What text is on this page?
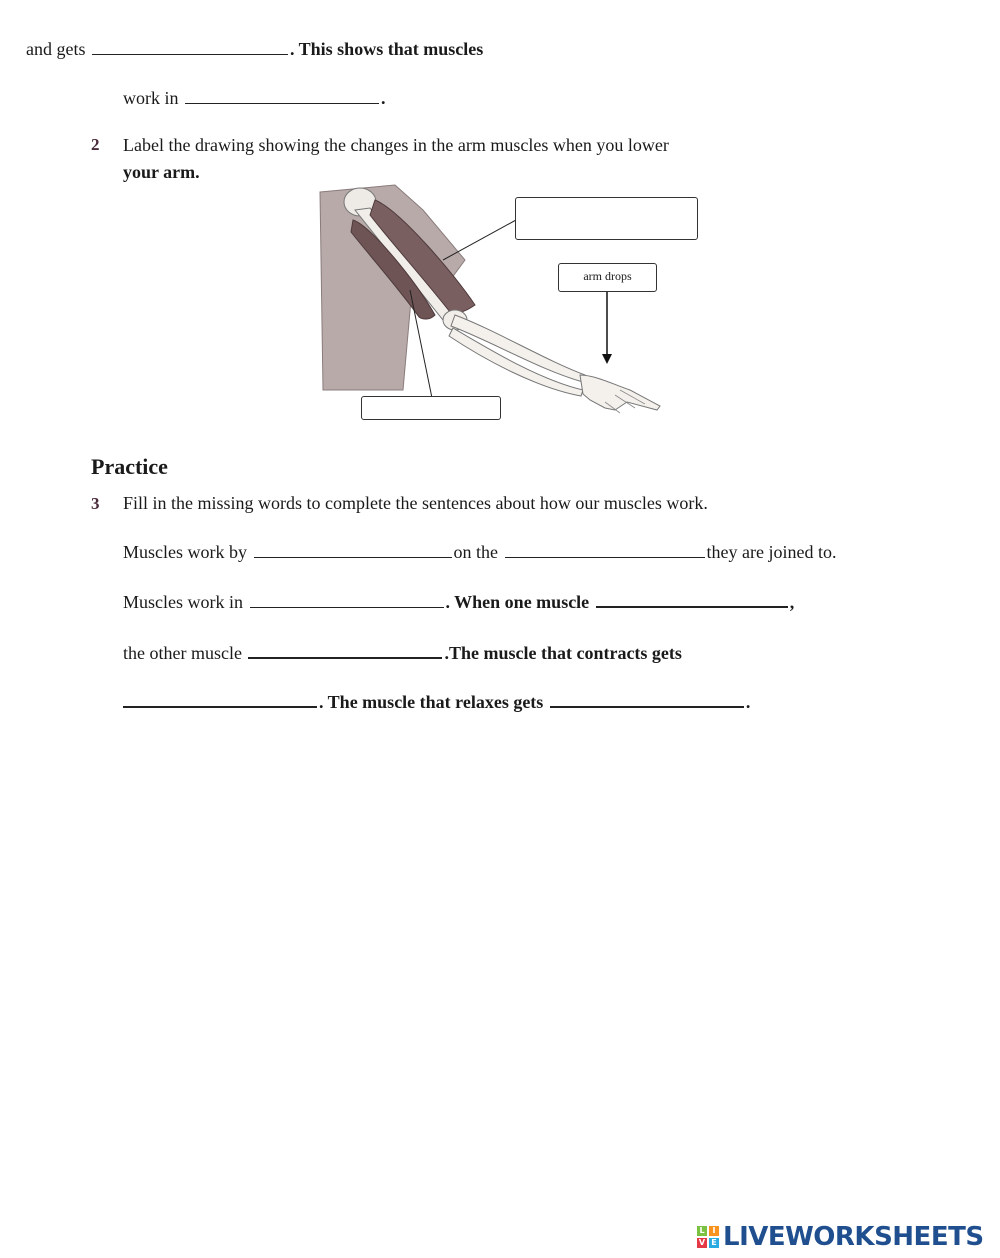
and gets	. This shows that muscles
work in	.
2 Label the drawing showing the changes in the arm muscles when you lower
your arm.
arm drops
Practice
3 Fill in the missing words to complete the sentences about how our muscles work.
Muscles work by	on the	they are joined to.
Muscles work in	. When one muscle	,
the other muscle	.The muscle that contracts gets
. The muscle that relaxes gets	.
L I
V E LIVEWORKSHEETS
